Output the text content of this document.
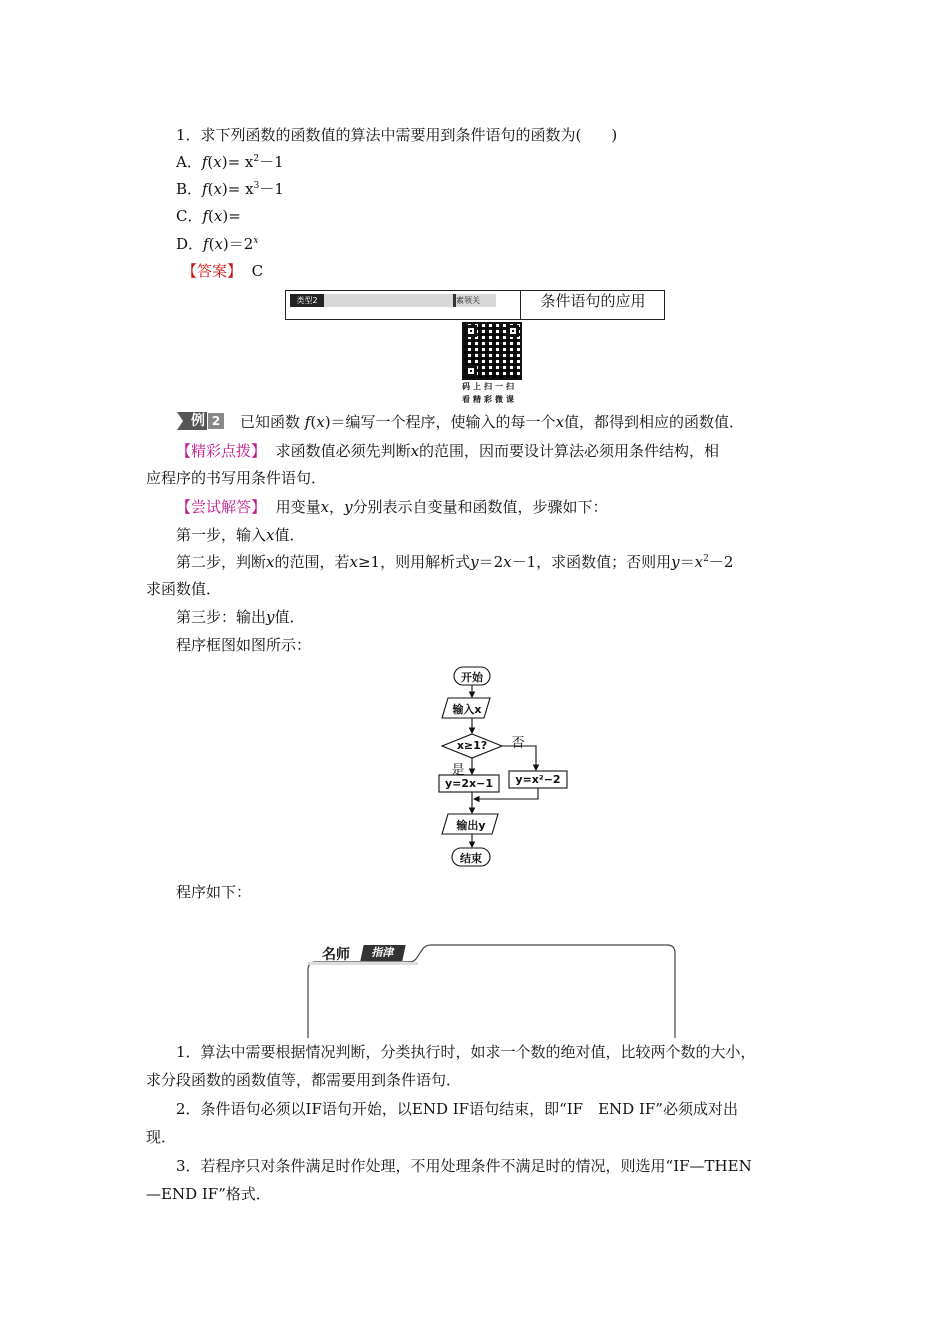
1．求下列函数的函数值的算法中需要用到条件语句的函数为(　　)
A．$f(x)= x^2-1$
B．$f(x)= x^3-1$
C．f(x)=
D．$f(x)=2^x$
【答案】 C
类型2	素领关	条件语句的应用
码上扫一扫
看精彩微课
例 2 已知函数 f(x)＝编写一个程序，使输入的每一个x值，都得到相应的函数值．
【精彩点拨】 求函数值必须先判断x的范围，因而要设计算法必须用条件结构，相
应程序的书写用条件语句．
【尝试解答】 用变量x，y分别表示自变量和函数值，步骤如下：
第一步，输入x值．
第二步，判断x的范围，若x≥1，则用解析式y＝2x－1，求函数值；否则用$y=x^2-2$
求函数值．
第三步：输出y值．
程序框图如图所示：
开始
输入x
x≥1?	否
是
y=2x−1	y=x²−2
输出y
结束
程序如下：
名师	指津
1．算法中需要根据情况判断，分类执行时，如求一个数的绝对值，比较两个数的大小，
求分段函数的函数值等，都需要用到条件语句．
2．条件语句必须以IF语句开始，以END IF语句结束，即“IF　END IF”必须成对出
现．
3．若程序只对条件满足时作处理，不用处理条件不满足时的情况，则选用“IF—THEN
—END IF”格式．
